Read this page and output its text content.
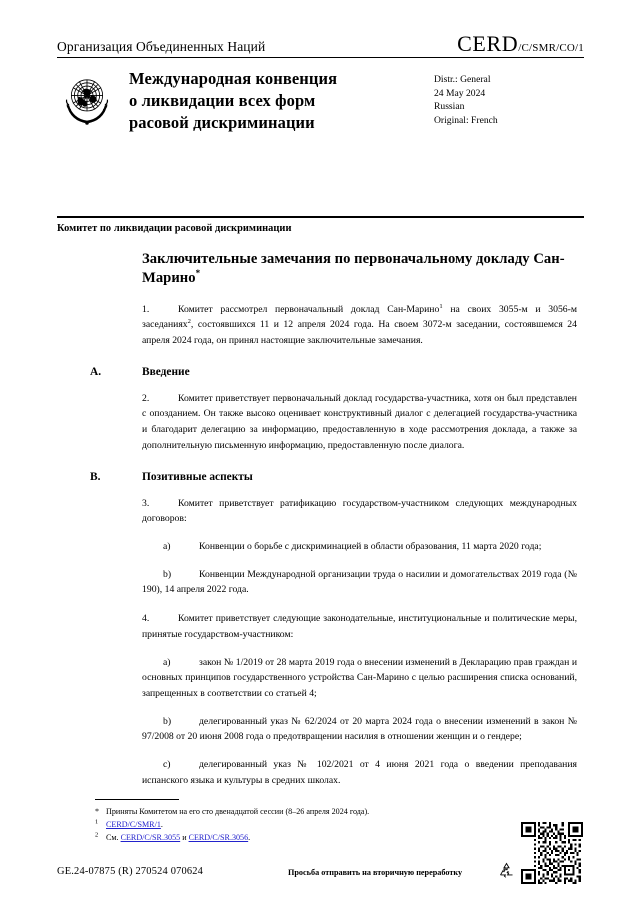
Организация Объединенных Наций	CERD/C/SMR/CO/1
Международная конвенция
о ликвидации всех форм
расовой дискриминации
Distr.: General
24 May 2024
Russian
Original: French
Комитет по ликвидации расовой дискриминации
Заключительные замечания по первоначальному докладу Сан-Марино*

1.	Комитет рассмотрел первоначальный доклад Сан-Марино$^1$ на своих 3055-м и 3056-м заседаниях$^2$, состоявшихся 11 и 12 апреля 2024 года. На своем 3072-м заседании, состоявшемся 24 апреля 2024 года, он принял настоящие заключительные замечания.

A.	Введение

2.	Комитет приветствует первоначальный доклад государства-участника, хотя он был представлен с опозданием. Он также высоко оценивает конструктивный диалог с делегацией государства-участника и благодарит делегацию за информацию, предоставленную в ходе рассмотрения доклада, а также за дополнительную письменную информацию, предоставленную после диалога.

B.	Позитивные аспекты

3.	Комитет приветствует ратификацию государством-участником следующих международных договоров:

a)	Конвенции о борьбе с дискриминацией в области образования, 11 марта 2020 года;

b)	Конвенции Международной организации труда о насилии и домогательствах 2019 года (№ 190), 14 апреля 2022 года.

4.	Комитет приветствует следующие законодательные, институциональные и политические меры, принятые государством-участником:

a)	закон № 1/2019 от 28 марта 2019 года о внесении изменений в Декларацию прав граждан и основных принципов государственного устройства Сан-Марино с целью расширения списка оснований, запрещенных в соответствии со статьей 4;

b)	делегированный указ № 62/2024 от 20 марта 2024 года о внесении изменений в закон № 97/2008 от 20 июня 2008 года о предотвращении насилия в отношении женщин и о гендере;

c)	делегированный указ № 102/2021 от 4 июня 2021 года о введении преподавания испанского языка и культуры в средних школах.

* Приняты Комитетом на его сто двенадцатой сессии (8–26 апреля 2024 года).
$^1$ CERD/C/SMR/1.
$^2$ См. CERD/C/SR.3055 и CERD/C/SR.3056.
GE.24-07875 (R) 270524 070624	Просьба отправить на вторичную переработку
